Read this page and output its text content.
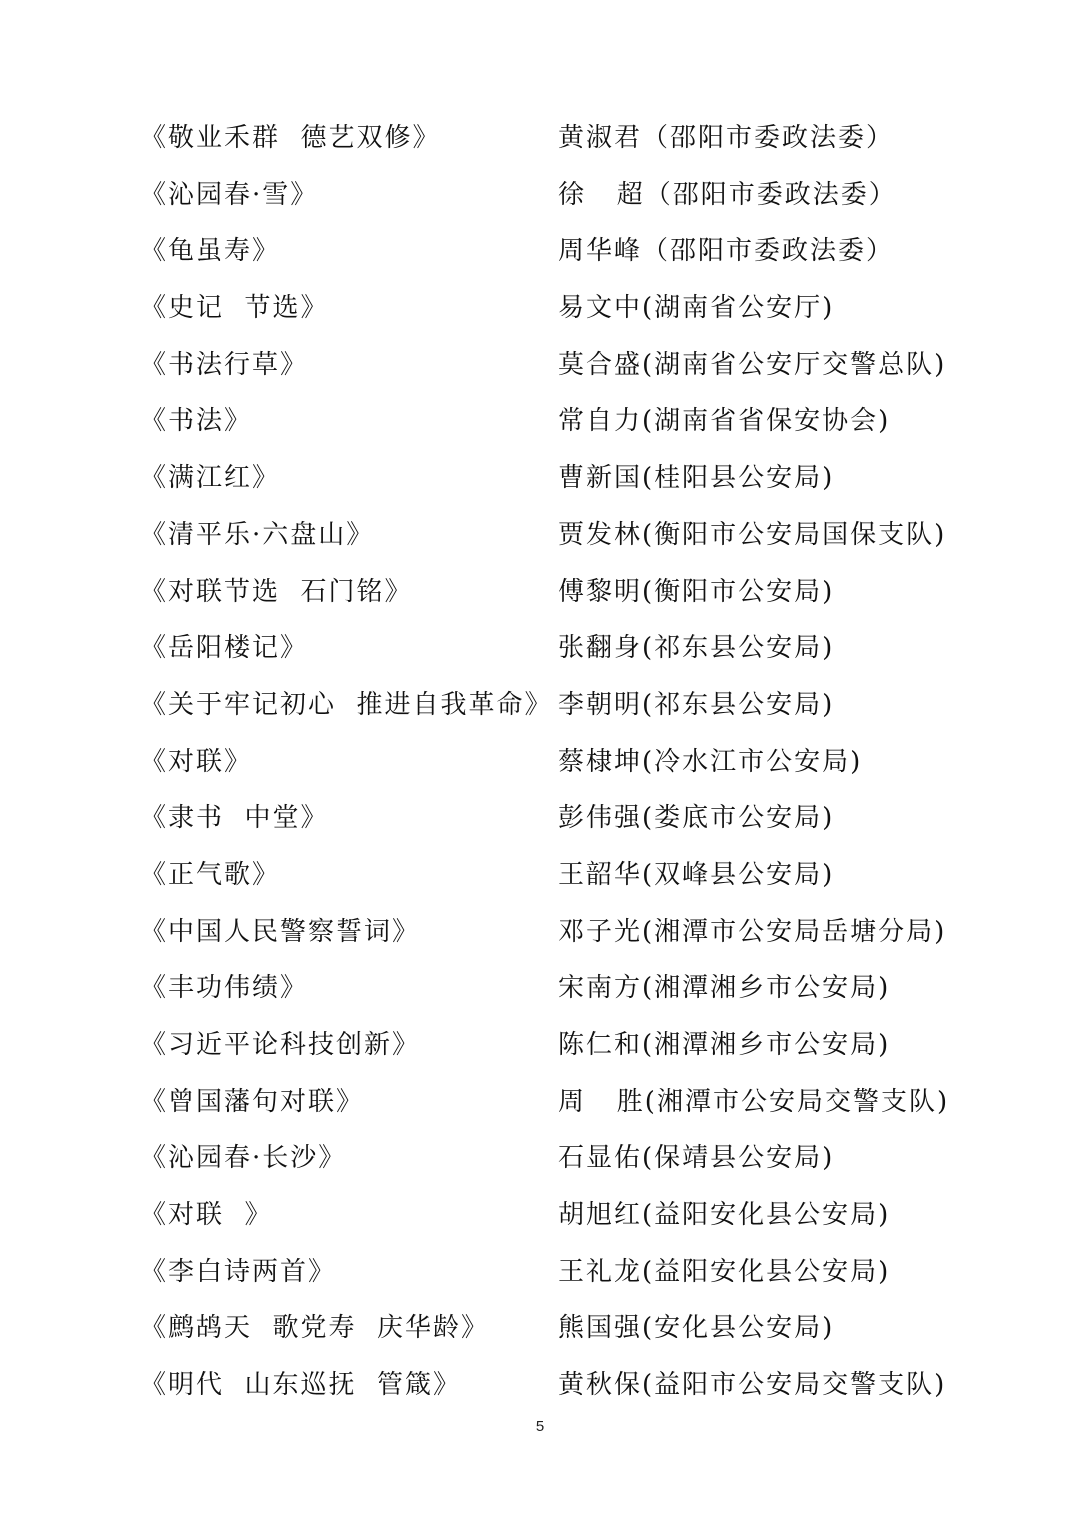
《敬业禾群  德艺双修》	黄淑君（邵阳市委政法委）
《沁园春·雪》	徐   超（邵阳市委政法委）
《龟虽寿》	周华峰（邵阳市委政法委）
《史记  节选》	易文中(湖南省公安厅)
《书法行草》	莫合盛(湖南省公安厅交警总队)
《书法》	常自力(湖南省省保安协会)
《满江红》	曹新国(桂阳县公安局)
《清平乐·六盘山》	贾发林(衡阳市公安局国保支队)
《对联节选  石门铭》	傅黎明(衡阳市公安局)
《岳阳楼记》	张翻身(祁东县公安局)
《关于牢记初心  推进自我革命》 李朝明(祁东县公安局)
《对联》	蔡棣坤(冷水江市公安局)
《隶书  中堂》	彭伟强(娄底市公安局)
《正气歌》	王韶华(双峰县公安局)
《中国人民警察誓词》	邓子光(湘潭市公安局岳塘分局)
《丰功伟绩》	宋南方(湘潭湘乡市公安局)
《习近平论科技创新》	陈仁和(湘潭湘乡市公安局)
《曾国藩句对联》	周   胜(湘潭市公安局交警支队)
《沁园春·长沙》	石显佑(保靖县公安局)
《对联  》	胡旭红(益阳安化县公安局)
《李白诗两首》	王礼龙(益阳安化县公安局)
《鹧鸪天  歌党寿  庆华龄》	熊国强(安化县公安局)
《明代  山东巡抚  管箴》	黄秋保(益阳市公安局交警支队)
5
